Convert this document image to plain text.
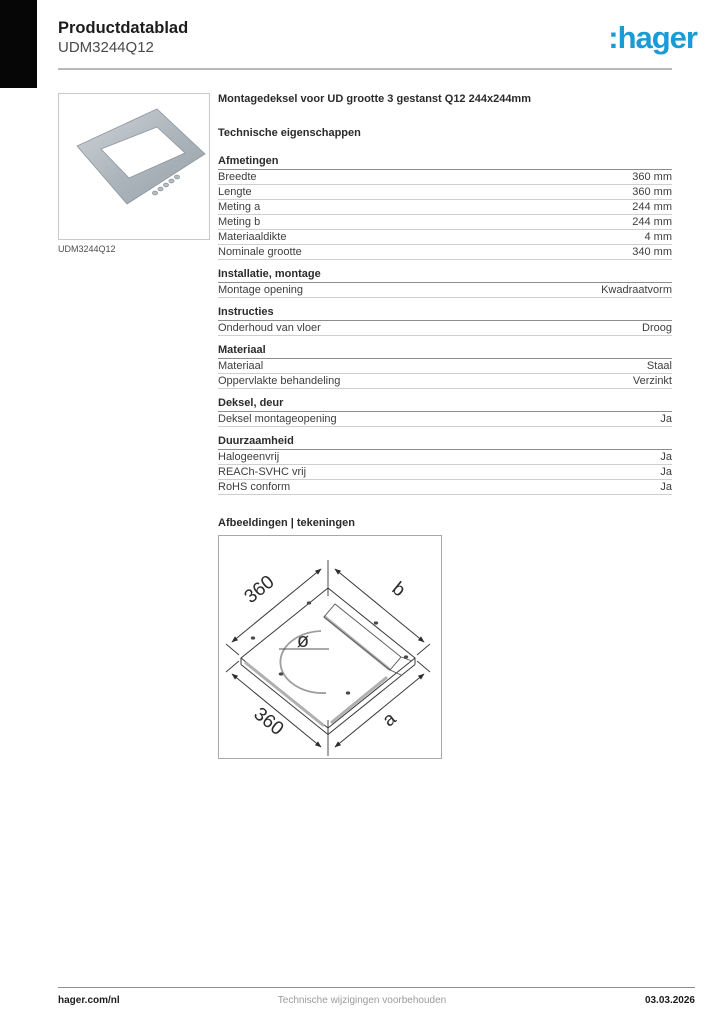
Productdatablad
UDM3244Q12	:hager
UDM3244Q12
Montagedeksel voor UD grootte 3 gestanst Q12 244x244mm
Technische eigenschappen
Afmetingen
Breedte	360 mm
Lengte	360 mm
Meting a	244 mm
Meting b	244 mm
Materiaaldikte	4 mm
Nominale grootte	340 mm
Installatie, montage
Montage opening	Kwadraatvorm
Instructies
Onderhoud van vloer	Droog
Materiaal
Materiaal	Staal
Oppervlakte behandeling	Verzinkt
Deksel, deur
Deksel montageopening	Ja
Duurzaamheid
Halogeenvrij	Ja
REACh-SVHC vrij	Ja
RoHS conform	Ja
Afbeeldingen | tekeningen
ø
360	b
360	a
hager.com/nl	Technische wijzigingen voorbehouden	03.03.2026
